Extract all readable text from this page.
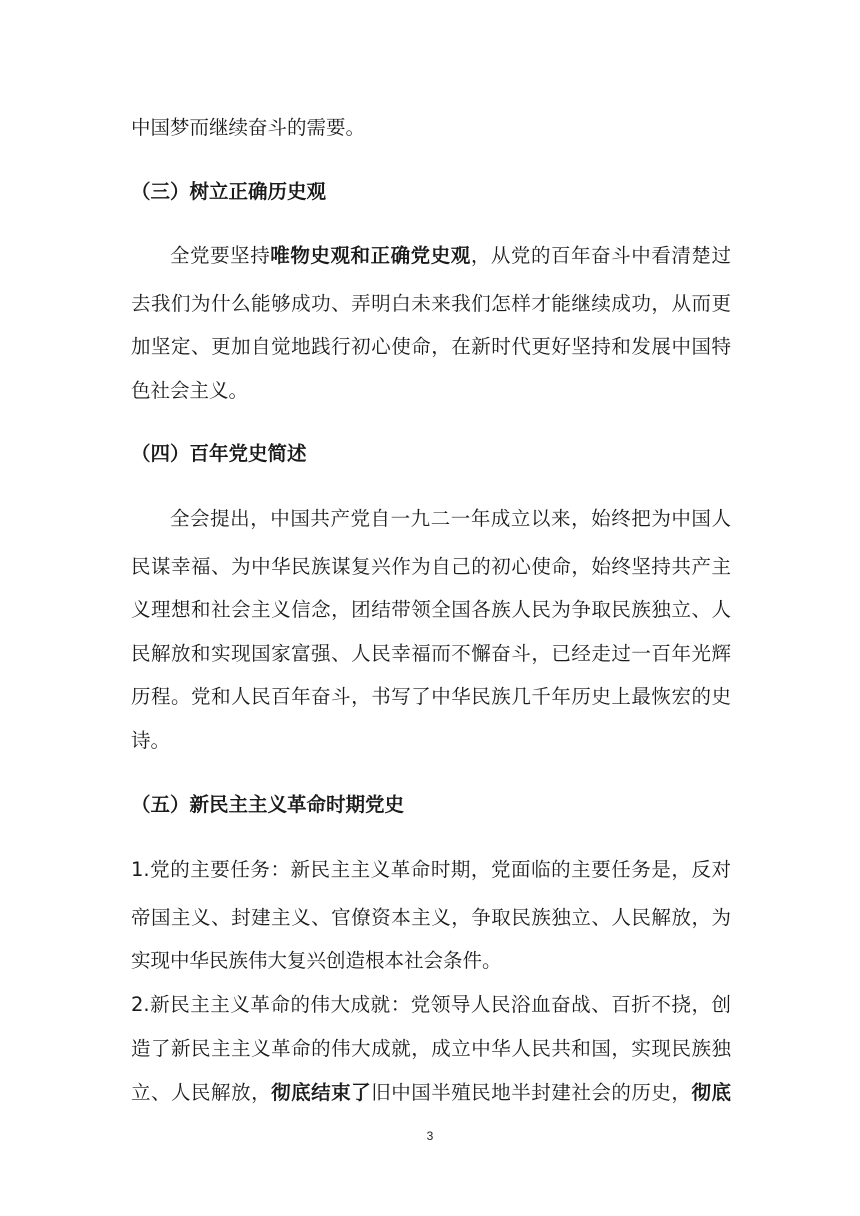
中国梦而继续奋斗的需要。
（三）树立正确历史观
全党要坚持唯物史观和正确党史观，从党的百年奋斗中看清楚过
去我们为什么能够成功、弄明白未来我们怎样才能继续成功，从而更
加坚定、更加自觉地践行初心使命，在新时代更好坚持和发展中国特
色社会主义。
（四）百年党史简述
全会提出，中国共产党自一九二一年成立以来，始终把为中国人
民谋幸福、为中华民族谋复兴作为自己的初心使命，始终坚持共产主
义理想和社会主义信念，团结带领全国各族人民为争取民族独立、人
民解放和实现国家富强、人民幸福而不懈奋斗，已经走过一百年光辉
历程。党和人民百年奋斗，书写了中华民族几千年历史上最恢宏的史
诗。
（五）新民主主义革命时期党史
1.党的主要任务：新民主主义革命时期，党面临的主要任务是，反对
帝国主义、封建主义、官僚资本主义，争取民族独立、人民解放，为
实现中华民族伟大复兴创造根本社会条件。
2.新民主主义革命的伟大成就：党领导人民浴血奋战、百折不挠，创
造了新民主主义革命的伟大成就，成立中华人民共和国，实现民族独
立、人民解放，彻底结束了旧中国半殖民地半封建社会的历史，彻底
3
